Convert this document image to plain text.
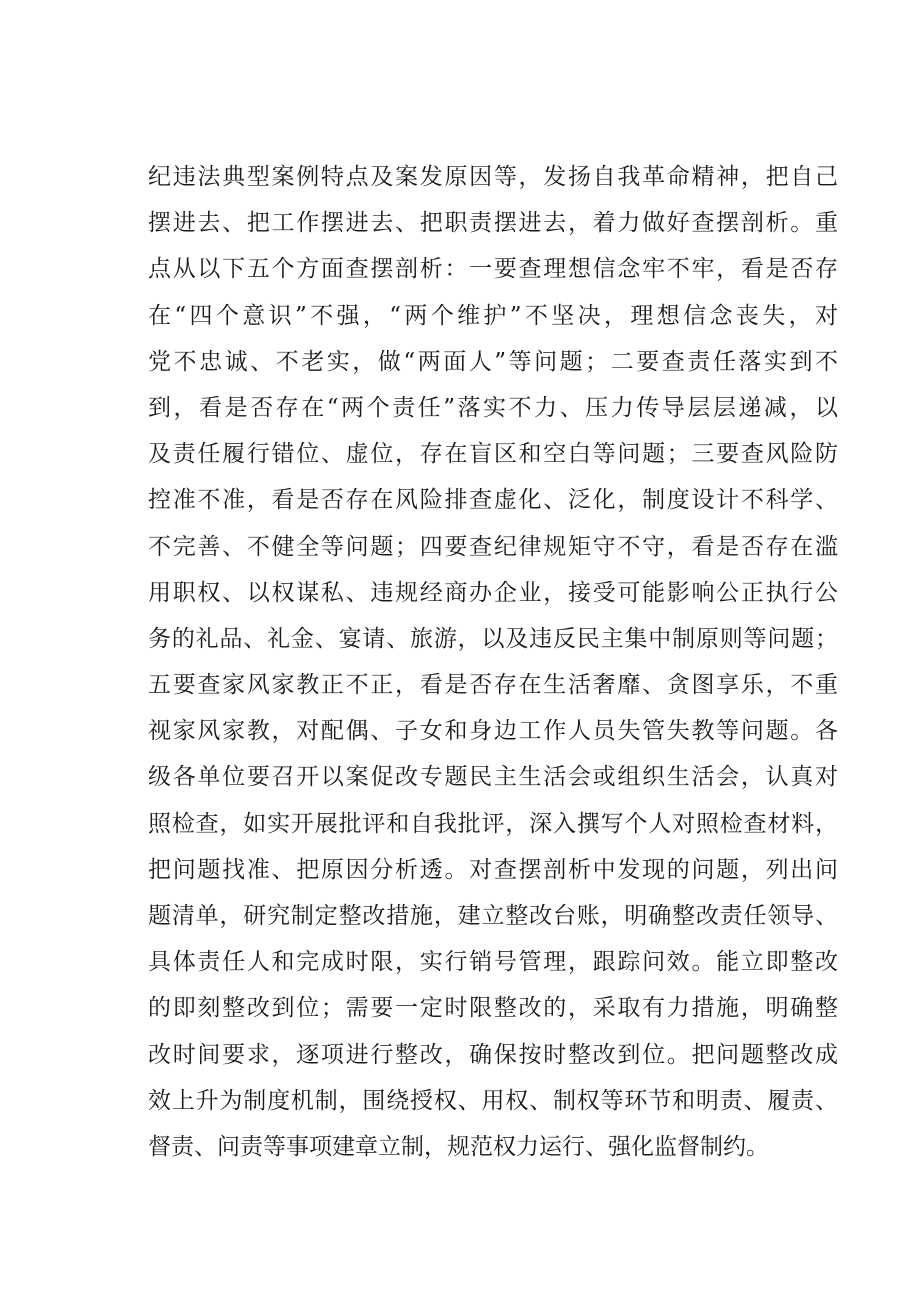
纪违法典型案例特点及案发原因等，发扬自我革命精神，把自己
摆进去、把工作摆进去、把职责摆进去，着力做好查摆剖析。重
点从以下五个方面查摆剖析：一要查理想信念牢不牢，看是否存
在“四个意识”不强，“两个维护”不坚决，理想信念丧失，对
党不忠诚、不老实，做“两面人”等问题；二要查责任落实到不
到，看是否存在“两个责任”落实不力、压力传导层层递减，以
及责任履行错位、虚位，存在盲区和空白等问题；三要查风险防
控准不准，看是否存在风险排查虚化、泛化，制度设计不科学、
不完善、不健全等问题；四要查纪律规矩守不守，看是否存在滥
用职权、以权谋私、违规经商办企业，接受可能影响公正执行公
务的礼品、礼金、宴请、旅游，以及违反民主集中制原则等问题；
五要查家风家教正不正，看是否存在生活奢靡、贪图享乐，不重
视家风家教，对配偶、子女和身边工作人员失管失教等问题。各
级各单位要召开以案促改专题民主生活会或组织生活会，认真对
照检查，如实开展批评和自我批评，深入撰写个人对照检查材料，
把问题找准、把原因分析透。对查摆剖析中发现的问题，列出问
题清单，研究制定整改措施，建立整改台账，明确整改责任领导、
具体责任人和完成时限，实行销号管理，跟踪问效。能立即整改
的即刻整改到位；需要一定时限整改的，采取有力措施，明确整
改时间要求，逐项进行整改，确保按时整改到位。把问题整改成
效上升为制度机制，围绕授权、用权、制权等环节和明责、履责、
督责、问责等事项建章立制，规范权力运行、强化监督制约。
